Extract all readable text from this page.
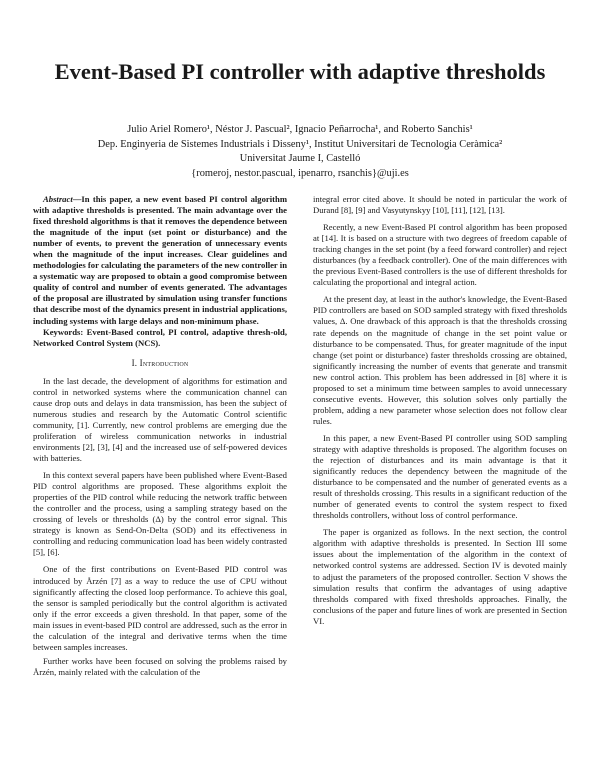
Event-Based PI controller with adaptive thresholds
Julio Ariel Romero¹, Néstor J. Pascual², Ignacio Peñarrocha¹, and Roberto Sanchis¹
Dep. Enginyeria de Sistemes Industrials i Disseny¹, Institut Universitari de Tecnologia Ceràmica²
Universitat Jaume I, Castelló
{romeroj, nestor.pascual, ipenarro, rsanchis}@uji.es

Abstract—In this paper, a new event based PI control algorithm with adaptive thresholds is presented. The main advantage over the fixed threshold algorithms is that it removes the dependence between the magnitude of the input (set point or disturbance) and the number of events, to prevent the generation of unnecessary events when the magnitude of the input increases. Clear guidelines and methodologies for calculating the parameters of the new controller in a systematic way are proposed to obtain a good compromise between quality of control and number of events generated. The advantages of the proposal are illustrated by simulation using transfer functions that describe most of the dynamics present in industrial applications, including systems with large delays and non-minimum phase.

Keywords: Event-Based control, PI control, adaptive thresh-old, Networked Control System (NCS).

I. Introduction

In the last decade, the development of algorithms for estimation and control in networked systems where the communication channel can cause drop outs and delays in data transmission, has been the subject of numerous studies and research by the Automatic Control scientific community, [1]. Currently, new control problems are emerging due the proliferation of wireless communication networks in industrial environments [2], [3], [4] and the increased use of self-powered devices with batteries.

In this context several papers have been published where Event-Based PID control algorithms are proposed. These algorithms exploit the properties of the PID control while reducing the network traffic between the controller and the process, using a sampling strategy based on the crossing of levels or thresholds (Δ) by the control error signal. This strategy is known as Send-On-Delta (SOD) and its effectiveness in controlling and reducing communication load has been widely contrasted [5], [6].

One of the first contributions on Event-Based PID control was introduced by Årzén [7] as a way to reduce the use of CPU without significantly affecting the closed loop performance. To achieve this goal, the sensor is sampled periodically but the control algorithm is activated only if the error exceeds a given threshold. In that paper, some of the main issues in event-based PID control are addressed, such as the error in the calculation of the integral and derivative terms when the time between samples increases.

Further works have been focused on solving the problems raised by Årzén, mainly related with the calculation of the

integral error cited above. It should be noted in particular the work of Durand [8], [9] and Vasyutynskyy [10], [11], [12], [13].

Recently, a new Event-Based PI control algorithm has been proposed at [14]. It is based on a structure with two degrees of freedom capable of tracking changes in the set point (by a feed forward controller) and reject disturbances (by a feedback controller). One of the main differences with the previous Event-Based controllers is the use of different thresholds for calculating the proportional and integral action.

At the present day, at least in the author's knowledge, the Event-Based PID controllers are based on SOD sampled strategy with fixed thresholds values, Δ. One drawback of this approach is that the thresholds crossing rate depends on the magnitude of change in the set point value or disturbance to be compensated. Thus, for greater magnitude of the input change (set point or disturbance) faster thresholds crossing are obtained, significantly increasing the number of events that generate and transmit new control action. This problem has been addressed in [8] where it is proposed to set a minimum time between samples to avoid unnecessary consecutive events. However, this solution solves only partially the problem, adding a new parameter whose selection does not follow clear rules.

In this paper, a new Event-Based PI controller using SOD sampling strategy with adaptive thresholds is proposed. The algorithm focuses on the rejection of disturbances and its main advantage is that it significantly reduces the dependency between the magnitude of the disturbance to be compensated and the number of generated events as a result of thresholds crossing. This results in a significant reduction of the number of generated events to control the system respect to fixed thresholds controllers, without loss of control performance.

The paper is organized as follows. In the next section, the control algorithm with adaptive thresholds is presented. In Section III some issues about the implementation of the algorithm in the context of networked control systems are addressed. Section IV is devoted mainly to adjust the parameters of the proposed controller. Section V shows the simulation results that confirm the advantages of using adaptive thresholds compared with fixed thresholds approaches. Finally, the conclusions of the paper and future lines of work are presented in Section VI.
